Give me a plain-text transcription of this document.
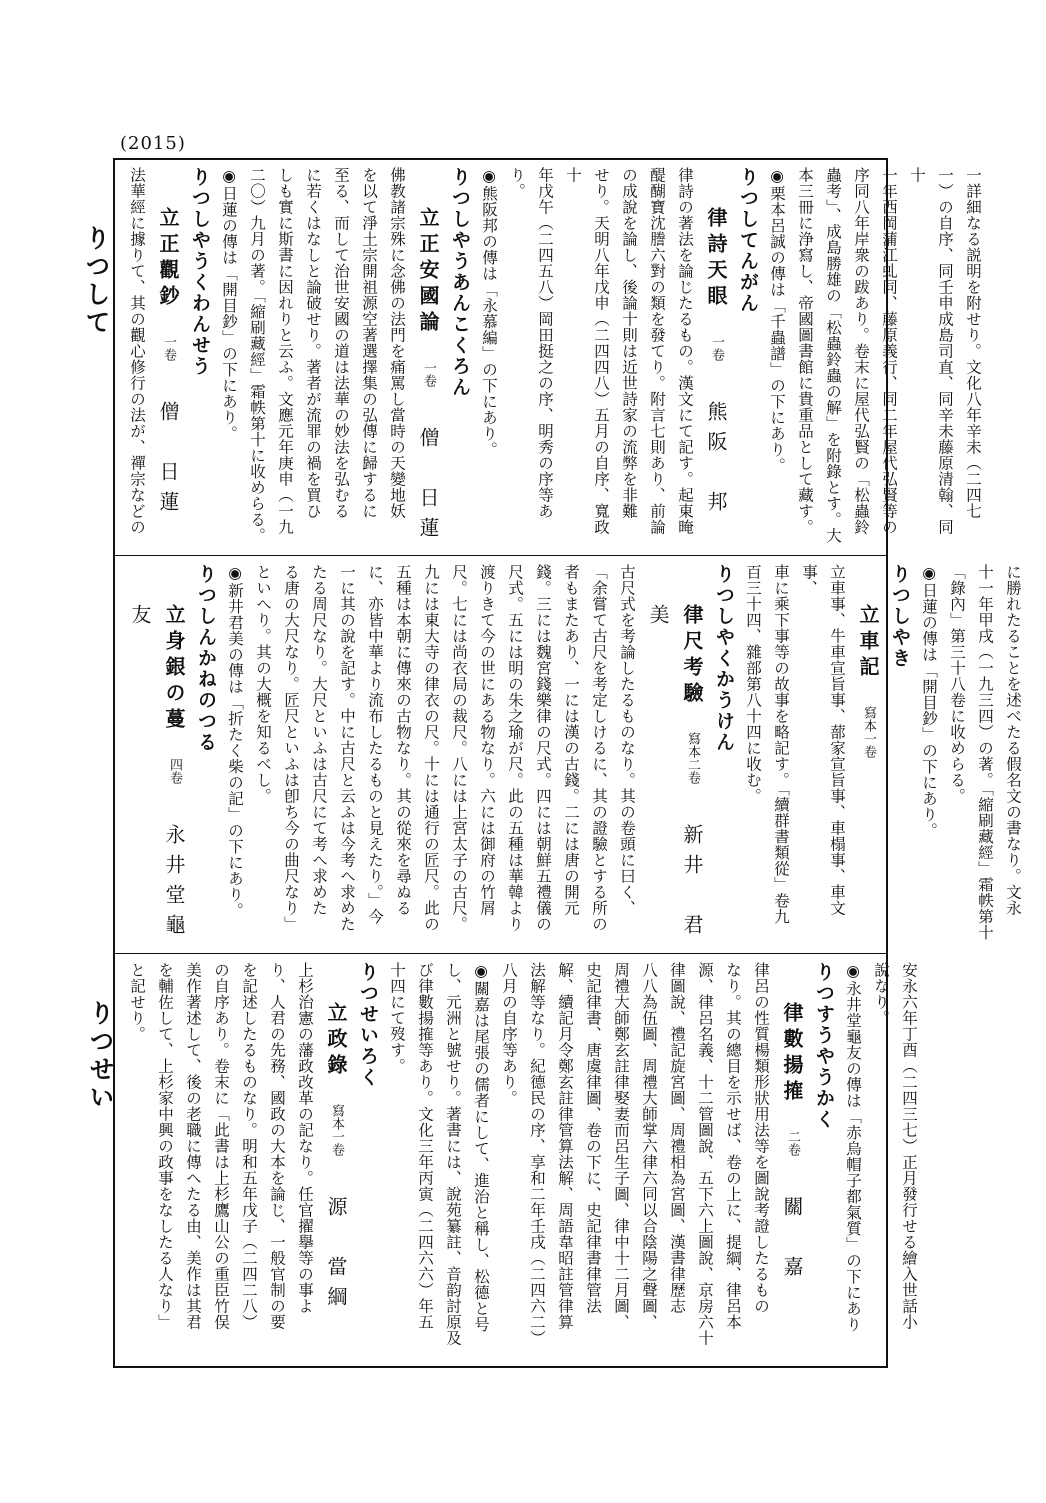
(2015)
りつして
りつせい

一詳細なる説明を附せり。文化八年辛未（二四七

一）の自序、同壬申成島司直、同辛未藤原清翰、同十

一年西岡蒲江虬同、藤原義行、同二年屋代弘賢等の

序同八年岸衆の跋あり。卷末に屋代弘賢の「松蟲鈴

蟲考」、成島勝雄の「松蟲鈴蟲の解」を附錄とす。大

本三冊に浄寫し、帝國圖書館に貴重品として藏す。

◉栗本呂誠の傳は「千蟲譜」の下にあり。

りつしてんがん

律詩天眼一卷熊阪　邦

律詩の著法を論じたるもの。漢文にて記す。起東晻

醍醐寶沈謄六對の類を發てり。附言七則あり、前論

の成說を論し、後論十則は近世詩家の流弊を非難

せり。天明八年戊申（二四四八）五月の自序、寬政十

年戊午（二四五八）岡田挺之の序、明秀の序等あり。

◉熊阪邦の傳は「永慕編」の下にあり。

りつしやうあんこくろん

立正安國論一卷僧　日蓮

佛教諸宗殊に念佛の法門を痛罵し當時の天變地妖

を以て淨土宗開祖源空著選擇集の弘傳に歸するに

至る、而して治世安國の道は法華の妙法を弘むる

に若くはなしと論破せり。著者が流罪の禍を買ひ

しも實に斯書に因れりと云ふ。文應元年庚申（一九

二〇）九月の著。「縮刷藏經」霜帙第十に收めらる。

◉日蓮の傳は「開目鈔」の下にあり。

りつしやうくわんせう

立正觀鈔一卷僧　日蓮

法華經に據りて、其の觀心修行の法が、禪宗などの

に勝れたることを述べたる假名文の書なり。文永

十一年甲戌（一九三四）の著。「縮刷藏經」霜帙第十

「錄內」第三十八卷に收めらる。

◉日蓮の傳は「開目鈔」の下にあり。

りつしやき

立車記寫本一卷

立車事、牛車宣旨事、蔀家宣旨事、車榻事、車文事、

車に乘下事等の故事を略記す。「續群書類從」卷九

百三十四、雜部第八十四に收む。

りつしやくかうけん

律尺考驗寫本二卷新井　君美

古尺式を考論したるものなり。其の卷頭に曰く、

「余嘗て古尺を考定しけるに、其の證驗とする所の

者もまたあり、一には漢の古錢。二には唐の開元

錢。三には魏宮錢樂律の尺式。四には朝鮮五禮儀の

尺式。五には明の朱之瑜が尺。此の五種は華韓より

渡りきて今の世にある物なり。六には御府の竹屑

尺。七には尚衣局の裁尺。八には上宮太子の古尺。

九には東大寺の律衣の尺。十には通行の匠尺。此の

五種は本朝に傳來の古物なり。其の從來を尋ぬる

に、亦皆中華より流布したるものと見えたり。」今

一に其の說を記す。中に古尺と云ふは今考へ求めた

たる周尺なり。大尺といふは古尺にて考へ求めた

る唐の大尺なり。匠尺といふは卽ち今の曲尺なり」

といへり。其の大概を知るべし。

◉新井君美の傳は「折たく柴の記」の下にあり。

りつしんかねのつる

立身銀の蔓四卷永井堂龜友

安永六年丁酉（二四三七）正月發行せる繪入世話小

說なり。

◉永井堂龜友の傳は「赤烏帽子都氣質」の下にあり

りつすうやうかく

律數揚搉二卷關　嘉

律呂の性質楊類形狀用法等を圖說考證したるもの

なり。其の總目を示せば、卷の上に、提綱、律呂本

源、律呂名義、十二管圖說、五下六上圖說、京房六十

律圖說、禮記旋宮圖、周禮相為宮圖、漢書律歷志

八八為伍圖、周禮大師掌六律六同以合陰陽之聲圖、

周禮大師鄭玄註律娶妻而呂生子圖、律中十二月圖、

史記律書、唐虞律圖、卷の下に、史記律書律管法

解、續記月令鄭玄註律管算法解、周語韋昭註管律算

法解等なり。紀德民の序、享和二年壬戌（二四六二）

八月の自序等あり。

◉關嘉は尾張の儒者にして、進治と稱し、松德と号

し、元洲と號せり。著書には、說苑纂註、音韵討原及

び律數揚搉等あり。文化三年丙寅（二四六六）年五

十四にて歿す。

りつせいろく

立政錄寫本一卷源　當綱

上杉治憲の藩政改革の記なり。任官擢擧等の事よ

り、人君の先務、國政の大本を論じ、一般官制の要

を記述したるものなり。明和五年戊子（二四二八）

の自序あり。卷末に「此書は上杉鷹山公の重臣竹俣

美作著述して、後の老職に傳へたる由、美作は其君

を輔佐して、上杉家中興の政事をなしたる人なり」

と記せり。
